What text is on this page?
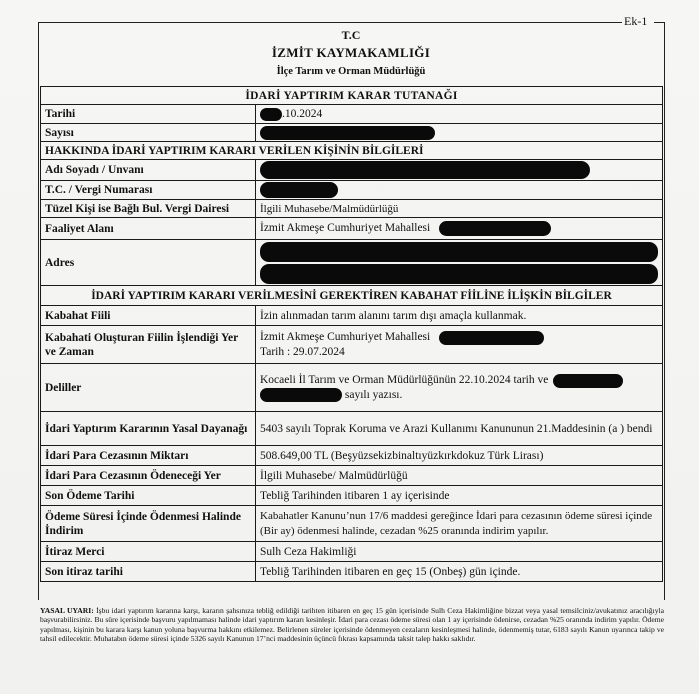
Ek-1
T.C
İZMİT KAYMAKAMLIĞI
İlçe Tarım ve Orman Müdürlüğü
İDARİ YAPTIRIM KARAR TUTANAĞI	
Tarihi	.10.2024
Sayısı	
HAKKINDA İDARİ YAPTIRIM KARARI VERİLEN KİŞİNİN BİLGİLERİ	
Adı Soyadı / Unvanı	
T.C. / Vergi Numarası	
Tüzel Kişi ise Bağlı Bul. Vergi Dairesi	İlgili Muhasebe/Malmüdürlüğü
Faaliyet Alanı	İzmit Akmeşe Cumhuriyet Mahallesi
Adres	

İDARİ YAPTIRIM KARARI VERİLMESİNİ GEREKTİREN KABAHAT FİİLİNE İLİŞKİN BİLGİLER	
Kabahat Fiili	İzin alınmadan tarım alanını tarım dışı amaçla kullanmak.
Kabahati Oluşturan Fiilin İşlendiği Yer ve Zaman	İzmit Akmeşe Cumhuriyet Mahallesi
Tarih : 29.07.2024

Deliller	Kocaeli İl Tarım ve Orman Müdürlüğünün 22.10.2024 tarih ve
sayılı yazısı.

İdari Yaptırım Kararının Yasal Dayanağı	5403 sayılı Toprak Koruma ve Arazi Kullanımı Kanununun 21.Maddesinin (a ) bendi
İdari Para Cezasının Miktarı	508.649,00 TL (Beşyüzsekizbinaltıyüzkırkdokuz Türk Lirası)
İdari Para Cezasının Ödeneceği Yer	İlgili Muhasebe/ Malmüdürlüğü
Son Ödeme Tarihi	Tebliğ Tarihinden itibaren 1 ay içerisinde
Ödeme Süresi İçinde Ödenmesi Halinde İndirim	Kabahatler Kanunu’nun 17/6 maddesi gereğince İdari para cezasının ödeme süresi içinde (Bir ay) ödenmesi halinde, cezadan %25 oranında indirim yapılır.
İtiraz Merci	Sulh Ceza Hakimliği
Son itiraz tarihi	Tebliğ Tarihinden itibaren en geç 15 (Onbeş) gün içinde.
YASAL UYARI: İşbu idari yaptırım kararına karşı, kararın şahsınıza tebliğ edildiği tarihten itibaren en geç 15 gün içerisinde Sulh Ceza Hakimliğine bizzat veya yasal temsilciniz/avukatınız aracılığıyla başvurabilirsiniz. Bu süre içerisinde başvuru yapılmaması halinde idari yaptırım kararı kesinleşir. İdari para cezası ödeme süresi olan 1 ay içerisinde ödenirse, cezadan %25 oranında indirim yapılır. Ödeme yapılması, kişinin bu karara karşı kanun yoluna başvurma hakkını etkilemez. Belirlenen süreler içerisinde ödenmeyen cezaların kesinleşmesi halinde, ödenmemiş tutar, 6183 sayılı Kanun uyarınca takip ve tahsil edilecektir. Muhatabın ödeme süresi içinde 5326 sayılı Kanunun 17’nci maddesinin üçüncü fıkrası kapsamında taksit talep hakkı saklıdır.
